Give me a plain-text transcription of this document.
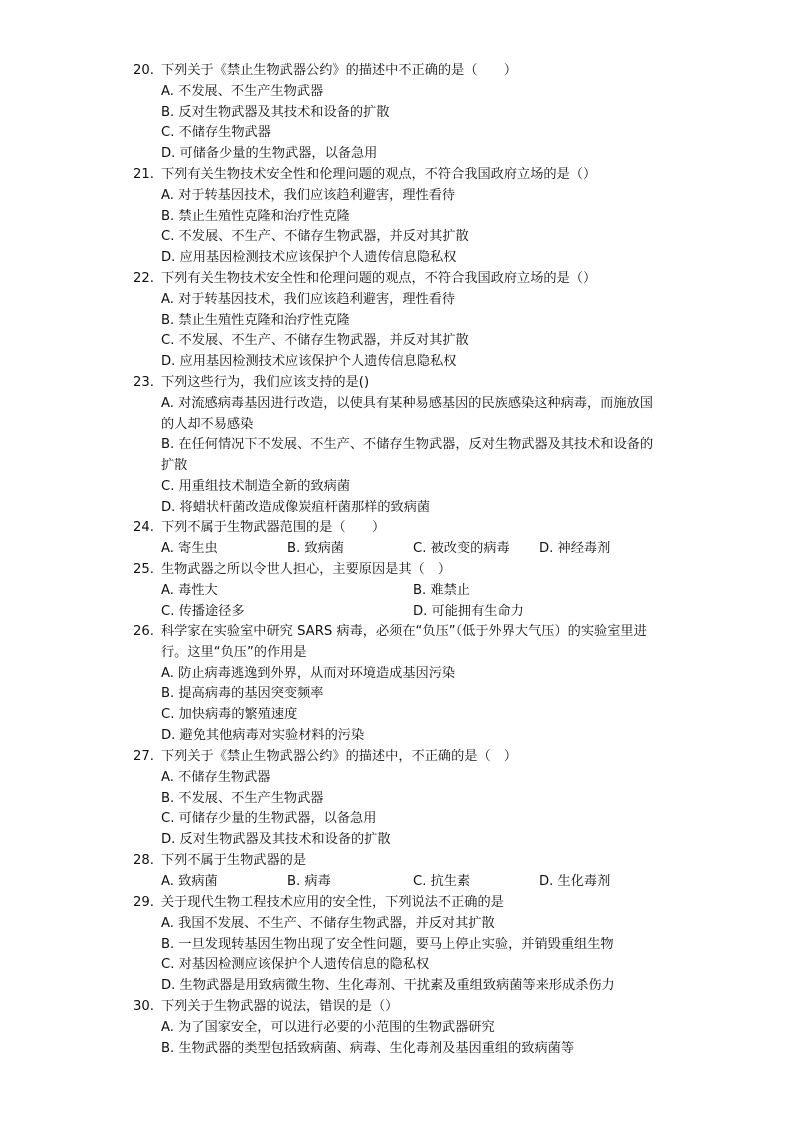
20. 下列关于《禁止生物武器公约》的描述中不正确的是（　　）
A. 不发展、不生产生物武器
B. 反对生物武器及其技术和设备的扩散
C. 不储存生物武器
D. 可储备少量的生物武器，以备急用
21. 下列有关生物技术安全性和伦理问题的观点，不符合我国政府立场的是（）
A. 对于转基因技术，我们应该趋利避害，理性看待
B. 禁止生殖性克隆和治疗性克隆
C. 不发展、不生产、不储存生物武器，并反对其扩散
D. 应用基因检测技术应该保护个人遗传信息隐私权
22. 下列有关生物技术安全性和伦理问题的观点，不符合我国政府立场的是（）
A. 对于转基因技术，我们应该趋利避害，理性看待
B. 禁止生殖性克隆和治疗性克隆
C. 不发展、不生产、不储存生物武器，并反对其扩散
D. 应用基因检测技术应该保护个人遗传信息隐私权
23. 下列这些行为，我们应该支持的是()
A. 对流感病毒基因进行改造，以使具有某种易感基因的民族感染这种病毒，而施放国的人却不易感染
B. 在任何情况下不发展、不生产、不储存生物武器，反对生物武器及其技术和设备的扩散
C. 用重组技术制造全新的致病菌
D. 将蜡状杆菌改造成像炭疽杆菌那样的致病菌
24. 下列不属于生物武器范围的是（　　）
A. 寄生虫	B. 致病菌	C. 被改变的病毒	D. 神经毒剂
25. 生物武器之所以令世人担心，主要原因是其（　）
A. 毒性大	B. 难禁止
C. 传播途径多	D. 可能拥有生命力
26. 科学家在实验室中研究 SARS 病毒，必须在“负压”（低于外界大气压）的实验室里进行。这里“负压”的作用是
A. 防止病毒逃逸到外界，从而对环境造成基因污染
B. 提高病毒的基因突变频率
C. 加快病毒的繁殖速度
D. 避免其他病毒对实验材料的污染
27. 下列关于《禁止生物武器公约》的描述中，不正确的是（　）
A. 不储存生物武器
B. 不发展、不生产生物武器
C. 可储存少量的生物武器，以备急用
D. 反对生物武器及其技术和设备的扩散
28. 下列不属于生物武器的是
A. 致病菌	B. 病毒	C. 抗生素	D. 生化毒剂
29. 关于现代生物工程技术应用的安全性，下列说法不正确的是
A. 我国不发展、不生产、不储存生物武器，并反对其扩散
B. 一旦发现转基因生物出现了安全性问题，要马上停止实验，并销毁重组生物
C. 对基因检测应该保护个人遗传信息的隐私权
D. 生物武器是用致病微生物、生化毒剂、干扰素及重组致病菌等来形成杀伤力
30. 下列关于生物武器的说法，错误的是（）
A. 为了国家安全，可以进行必要的小范围的生物武器研究
B. 生物武器的类型包括致病菌、病毒、生化毒剂及基因重组的致病菌等
